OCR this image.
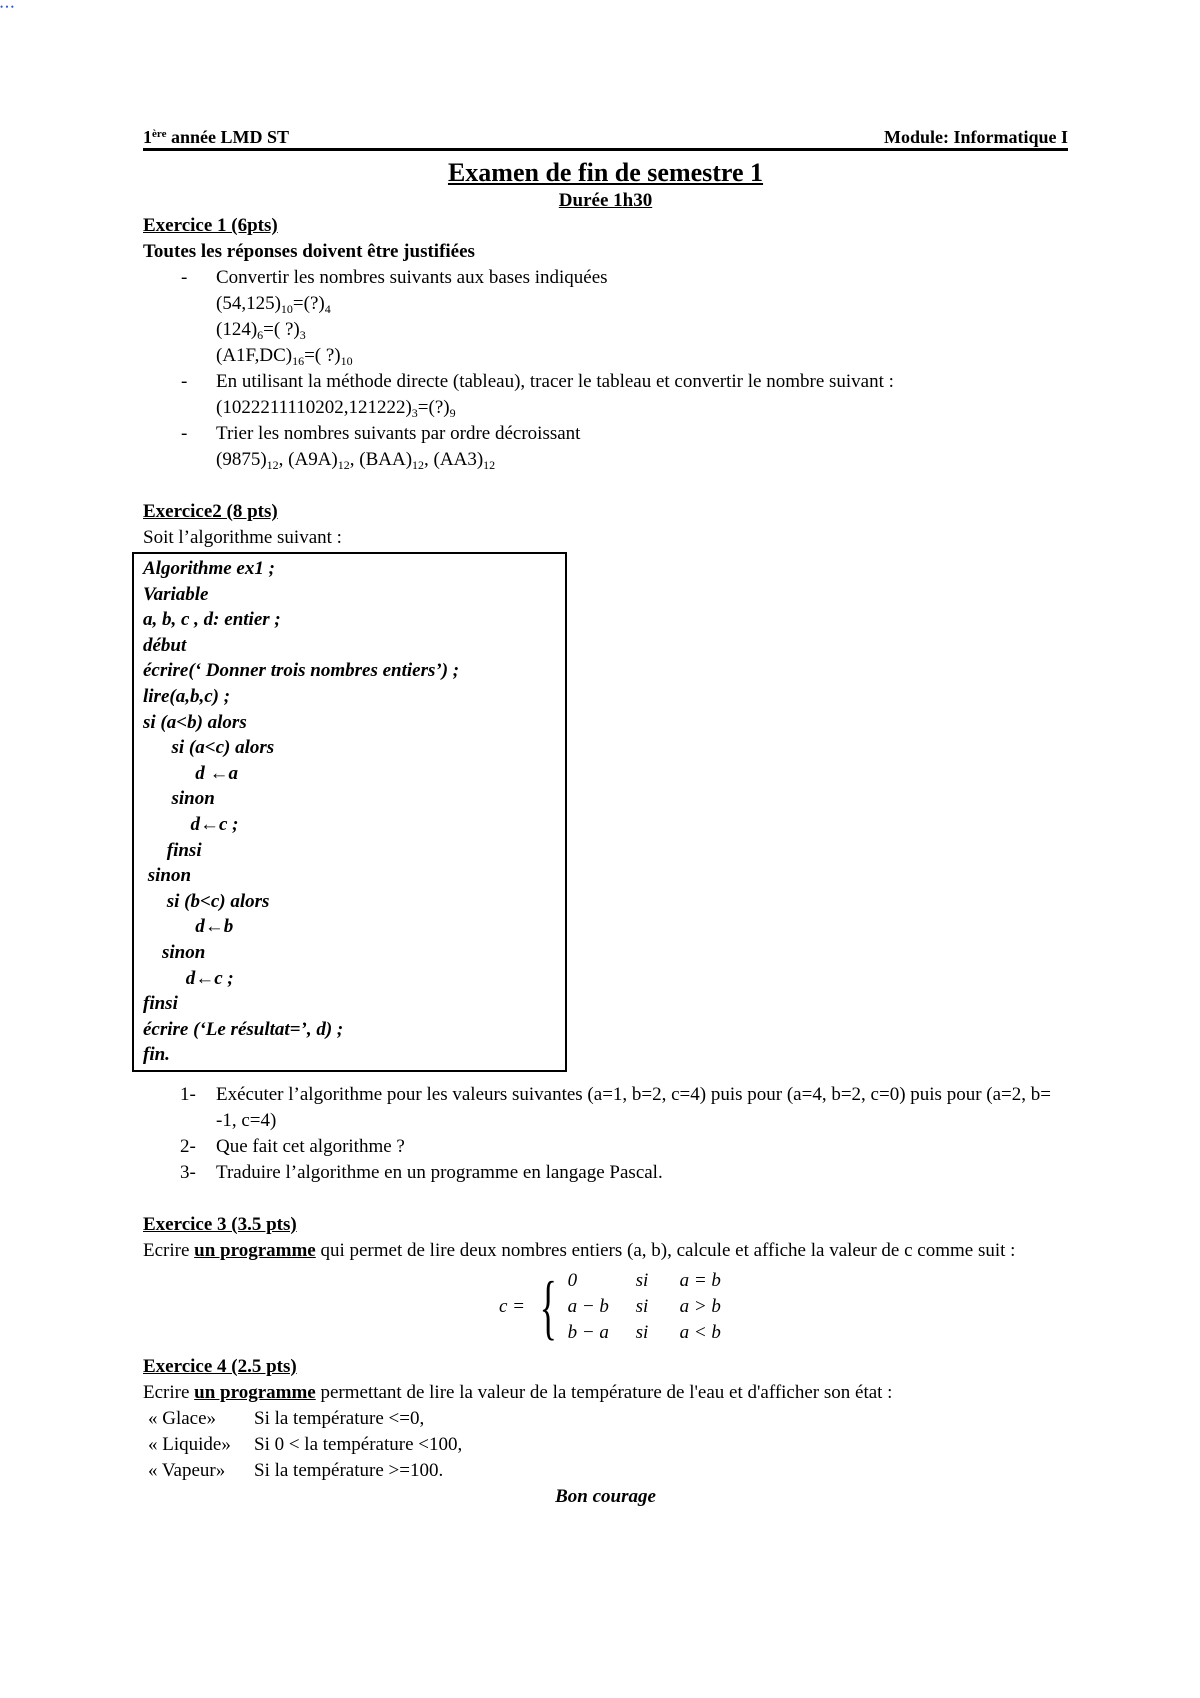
• • •
1ère année LMD ST	Module: Informatique I
Examen de fin de semestre 1
Durée 1h30
Exercice 1 (6pts)
Toutes les réponses doivent être justifiées
- Convertir les nombres suivants aux bases indiquées
$(54,125)_{10}=(?)_4$
$(124)_6=$( $?)_3$
$(A1F,DC)_{16}=$( $?)_{10}$
- En utilisant la méthode directe (tableau), tracer le tableau et convertir le nombre suivant :
$(1022211110202,121222)_3=(?)_9$
- Trier les nombres suivants par ordre décroissant
$(9875)_{12}$, $(A9A)_{12}$, $(BAA)_{12}$, $(AA3)_{12}$
Exercice2 (8 pts)
Soit l’algorithme suivant :
Algorithme ex1 ;
Variable
a, b, c , d: entier ;
début
écrire(‘ Donner trois nombres entiers’) ;
lire(a,b,c) ;
si (a<b) alors
si (a<c) alors
d ←a
sinon
d←c ;
finsi
sinon
si (b<c) alors
d←b
sinon
d←c ;
finsi
écrire (‘Le résultat=’, d) ;
fin.
1- Exécuter l’algorithme pour les valeurs suivantes (a=1, b=2, c=4) puis pour (a=4, b=2, c=0) puis pour (a=2, b= -1, c=4)
2- Que fait cet algorithme ?
3- Traduire l’algorithme en un programme en langage Pascal.
Exercice 3 (3.5 pts)
Ecrire un programme qui permet de lire deux nombres entiers (a, b), calcule et affiche la valeur de c comme suit :
c = { 0	si	a = b
a − b	si	a > b
b − a	si	a < b
Exercice 4 (2.5 pts)
Ecrire un programme permettant de lire la valeur de la température de l'eau et d'afficher son état :
« Glace» Si la température <=0,
« Liquide» Si 0 < la température <100,
« Vapeur» Si la température >=100.
Bon courage
